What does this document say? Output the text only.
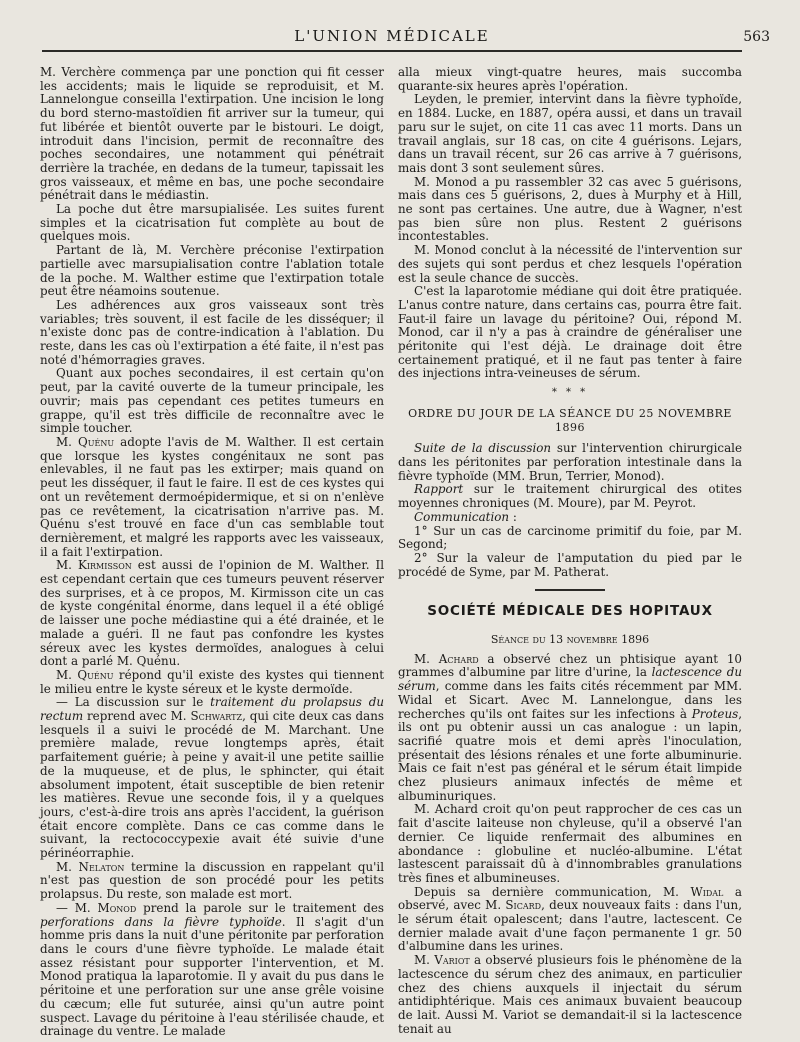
L'UNION MÉDICALE	563

M. Verchère commença par une ponction qui fit cesser les accidents; mais le liquide se reproduisit, et M. Lannelongue conseilla l'extirpation. Une incision le long du bord sterno-mastoïdien fit arriver sur la tumeur, qui fut libérée et bientôt ouverte par le bistouri. Le doigt, introduit dans l'incision, permit de reconnaître des poches secondaires, une notamment qui pénétrait derrière la trachée, en dedans de la tumeur, tapissait les gros vaisseaux, et même en bas, une poche secondaire pénétrait dans le médiastin.

La poche dut être marsupialisée. Les suites furent simples et la cicatrisation fut complète au bout de quelques mois.

Partant de là, M. Verchère préconise l'extirpation partielle avec marsupialisation contre l'ablation totale de la poche. M. Walther estime que l'extirpation totale peut être néamoins soutenue.

Les adhérences aux gros vaisseaux sont très variables; très souvent, il est facile de les disséquer; il n'existe donc pas de contre-indication à l'ablation. Du reste, dans les cas où l'extirpation a été faite, il n'est pas noté d'hémorragies graves.

Quant aux poches secondaires, il est certain qu'on peut, par la cavité ouverte de la tumeur principale, les ouvrir; mais pas cependant ces petites tumeurs en grappe, qu'il est très difficile de reconnaître avec le simple toucher.

M. Quénu adopte l'avis de M. Walther. Il est certain que lorsque les kystes congénitaux ne sont pas enlevables, il ne faut pas les extirper; mais quand on peut les disséquer, il faut le faire. Il est de ces kystes qui ont un revêtement dermoépidermique, et si on n'enlève pas ce revêtement, la cicatrisation n'arrive pas. M. Quénu s'est trouvé en face d'un cas semblable tout dernièrement, et malgré les rapports avec les vaisseaux, il a fait l'extirpation.

M. Kirmisson est aussi de l'opinion de M. Walther. Il est cependant certain que ces tumeurs peuvent réserver des surprises, et à ce propos, M. Kirmisson cite un cas de kyste congénital énorme, dans lequel il a été obligé de laisser une poche médiastine qui a été drainée, et le malade a guéri. Il ne faut pas confondre les kystes séreux avec les kystes dermoïdes, analogues à celui dont a parlé M. Quénu.

M. Quénu répond qu'il existe des kystes qui tiennent le milieu entre le kyste séreux et le kyste dermoïde.

— La discussion sur le traitement du prolapsus du rectum reprend avec M. Schwartz, qui cite deux cas dans lesquels il a suivi le procédé de M. Marchant. Une première malade, revue longtemps après, était parfaitement guérie; à peine y avait-il une petite saillie de la muqueuse, et de plus, le sphincter, qui était absolument impotent, était susceptible de bien retenir les matières. Revue une seconde fois, il y a quelques jours, c'est-à-dire trois ans après l'accident, la guérison était encore complète. Dans ce cas comme dans le suivant, la rectococcypexie avait été suivie d'une périnéorraphie.

M. Nelaton termine la discussion en rappelant qu'il n'est pas question de son procédé pour les petits prolapsus. Du reste, son malade est mort.

— M. Monod prend la parole sur le traitement des perforations dans la fièvre typhoïde. Il s'agit d'un homme pris dans la nuit d'une péritonite par perforation dans le cours d'une fièvre typhoïde. Le malade était assez résistant pour supporter l'intervention, et M. Monod pratiqua la laparotomie. Il y avait du pus dans le péritoine et une perforation sur une anse grêle voisine du cæcum; elle fut suturée, ainsi qu'un autre point suspect. Lavage du péritoine à l'eau stérilisée chaude, et drainage du ventre. Le malade

alla mieux vingt-quatre heures, mais succomba quarante-six heures après l'opération.

Leyden, le premier, intervint dans la fièvre typhoïde, en 1884. Lucke, en 1887, opéra aussi, et dans un travail paru sur le sujet, on cite 11 cas avec 11 morts. Dans un travail anglais, sur 18 cas, on cite 4 guérisons. Lejars, dans un travail récent, sur 26 cas arrive à 7 guérisons, mais dont 3 sont seulement sûres.

M. Monod a pu rassembler 32 cas avec 5 guérisons, mais dans ces 5 guérisons, 2, dues à Murphy et à Hill, ne sont pas certaines. Une autre, due à Wagner, n'est pas bien sûre non plus. Restent 2 guérisons incontestables.

M. Monod conclut à la nécessité de l'intervention sur des sujets qui sont perdus et chez lesquels l'opération est la seule chance de succès.

C'est la laparotomie médiane qui doit être pratiquée. L'anus contre nature, dans certains cas, pourra être fait. Faut-il faire un lavage du péritoine? Oui, répond M. Monod, car il n'y a pas à craindre de généraliser une péritonite qui l'est déjà. Le drainage doit être certainement pratiqué, et il ne faut pas tenter à faire des injections intra-veineuses de sérum.

* * *
ORDRE DU JOUR DE LA SÉANCE DU 25 NOVEMBRE 1896

Suite de la discussion sur l'intervention chirurgicale dans les péritonites par perforation intestinale dans la fièvre typhoïde (MM. Brun, Terrier, Monod).

Rapport sur le traitement chirurgical des otites moyennes chroniques (M. Moure), par M. Peyrot.

Communication :

1° Sur un cas de carcinome primitif du foie, par M. Segond;

2° Sur la valeur de l'amputation du pied par le procédé de Syme, par M. Patherat.

SOCIÉTÉ MÉDICALE DES HOPITAUX
Séance du 13 novembre 1896

M. Achard a observé chez un phtisique ayant 10 grammes d'albumine par litre d'urine, la lactescence du sérum, comme dans les faits cités récemment par MM. Widal et Sicart. Avec M. Lannelongue, dans les recherches qu'ils ont faites sur les infections à Proteus, ils ont pu obtenir aussi un cas analogue : un lapin, sacrifié quatre mois et demi après l'inoculation, présentait des lésions rénales et une forte albuminurie. Mais ce fait n'est pas général et le sérum était limpide chez plusieurs animaux infectés de même et albuminuriques.

M. Achard croit qu'on peut rapprocher de ces cas un fait d'ascite laiteuse non chyleuse, qu'il a observé l'an dernier. Ce liquide renfermait des albumines en abondance : globuline et nucléo-albumine. L'état lastescent paraissait dû à d'innombrables granulations très fines et albumineuses.

Depuis sa dernière communication, M. Widal a observé, avec M. Sicard, deux nouveaux faits : dans l'un, le sérum était opalescent; dans l'autre, lactescent. Ce dernier malade avait d'une façon permanente 1 gr. 50 d'albumine dans les urines.

M. Variot a observé plusieurs fois le phénomène de la lactescence du sérum chez des animaux, en particulier chez des chiens auxquels il injectait du sérum antidiphtérique. Mais ces animaux buvaient beaucoup de lait. Aussi M. Variot se demandait-il si la lactescence tenait au
